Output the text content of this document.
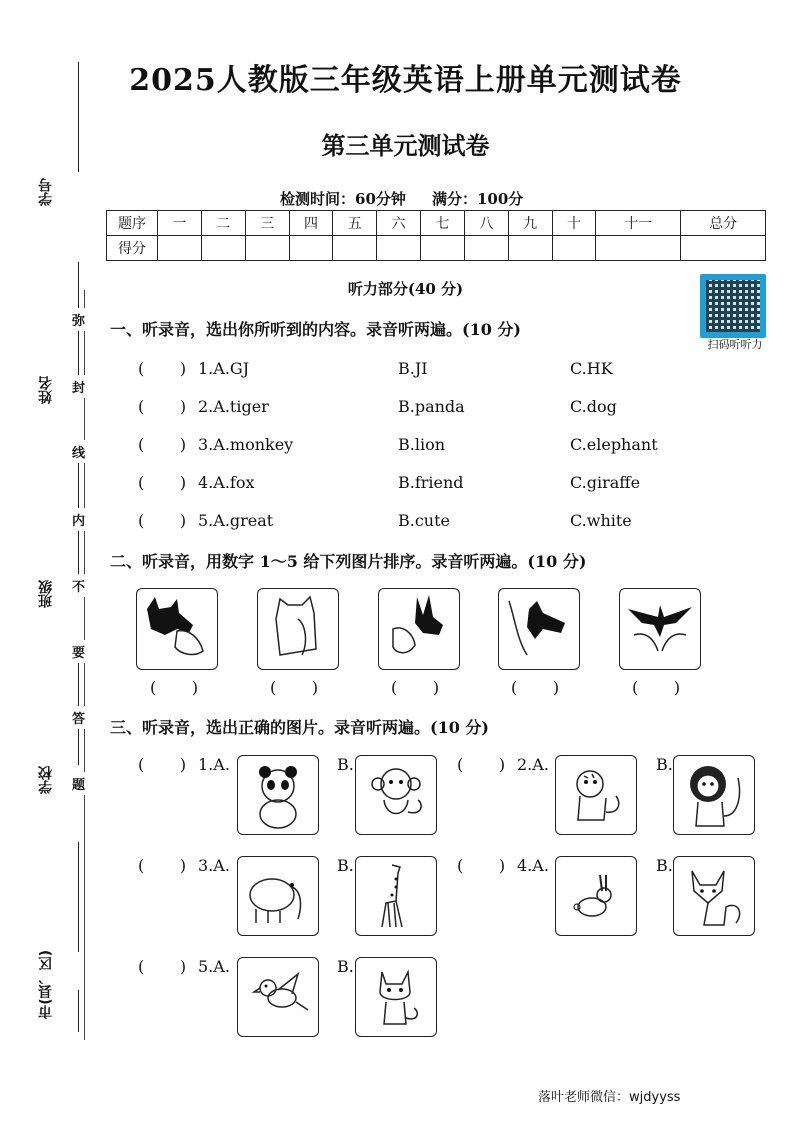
学号
姓名
班级
学校
市(县、区)
弥
封
线
内
不
要
答
题
2025人教版三年级英语上册单元测试卷
第三单元测试卷
检测时间：60分钟     满分：100分
题序	一	二	三	四	五	六	七	八	九	十	十一	总分
得分												
听力部分(40 分)
扫码听听力
一、听录音，选出你所听到的内容。录音听两遍。(10 分)
(       ) 1.A.GJ	B.JI	C.HK
(       ) 2.A.tiger	B.panda	C.dog
(       ) 3.A.monkey	B.lion	C.elephant
(       ) 4.A.fox	B.friend	C.giraffe
(       ) 5.A.great	B.cute	C.white
二、听录音，用数字 1～5 给下列图片排序。录音听两遍。(10 分)
(       )	(       )	(       )	(       )	(       )
三、听录音，选出正确的图片。录音听两遍。(10 分)
(       ) 1.A.	B.	(       ) 2.A.	B.
(       ) 3.A.	B.	(       ) 4.A.	B.
(       ) 5.A.	B.
落叶老师微信：wjdyyss
